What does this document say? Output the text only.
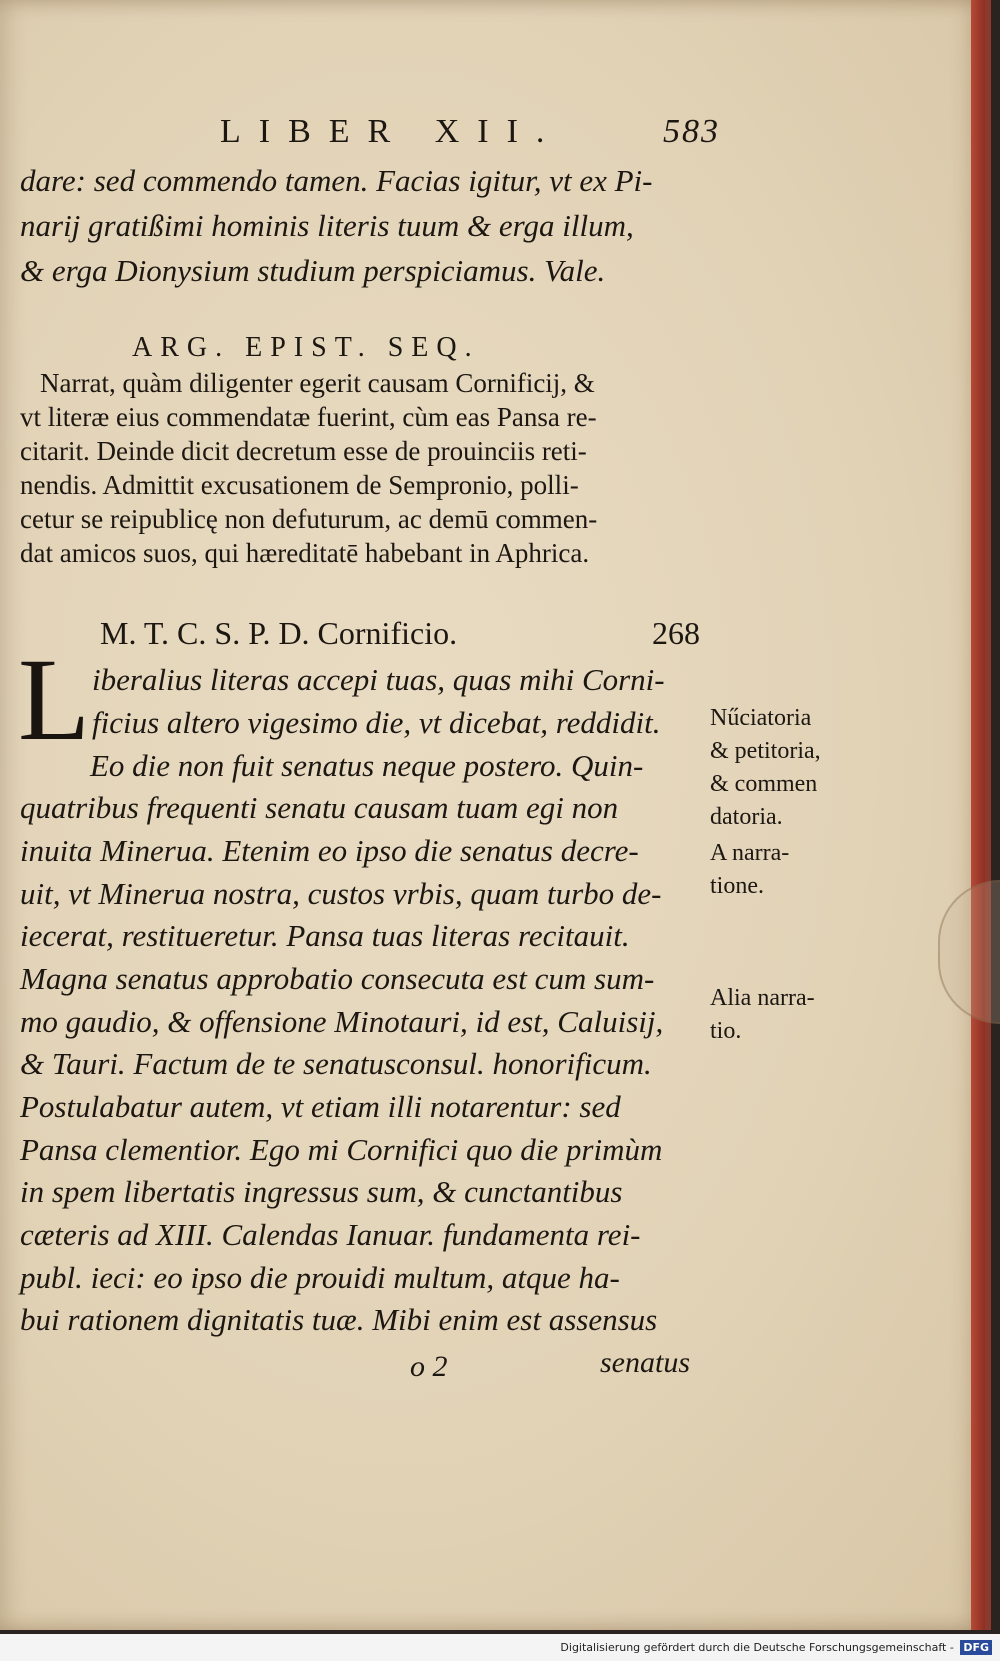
LIBER XII.	583
dare: sed commendo tamen. Facias igitur, vt ex Pi-
narij gratißimi hominis literis tuum & erga illum,
& erga Dionysium studium perspiciamus. Vale.
ARG. EPIST. SEQ.
Narrat, quàm diligenter egerit causam Cornificij, &
vt literæ eius commendatæ fuerint, cùm eas Pansa re-
citarit. Deinde dicit decretum esse de prouinciis reti-
nendis. Admittit excusationem de Sempronio, polli-
cetur se reipublicę non defuturum, ac demū commen-
dat amicos suos, qui hæreditatē habebant in Aphrica.
M. T. C. S. P. D. Cornificio.	268
L iberalius literas accepi tuas, quas mihi Corni-
ficius altero vigesimo die, vt dicebat, reddidit.
Eo die non fuit senatus neque postero. Quin-
quatribus frequenti senatu causam tuam egi non
inuita Minerua. Etenim eo ipso die senatus decre-
uit, vt Minerua nostra, custos vrbis, quam turbo de-
iecerat, restitueretur. Pansa tuas literas recitauit.
Magna senatus approbatio consecuta est cum sum-
mo gaudio, & offensione Minotauri, id est, Caluisij,
& Tauri. Factum de te senatusconsul. honorificum.
Postulabatur autem, vt etiam illi notarentur: sed
Pansa clementior. Ego mi Cornifici quo die primùm
in spem libertatis ingressus sum, & cunctantibus
cæteris ad XIII. Calendas Ianuar. fundamenta rei-
publ. ieci: eo ipso die prouidi multum, atque ha-
bui rationem dignitatis tuæ. Mibi enim est assensus
Nűciatoria
& petitoria,
& commen
datoria.
A narra-
tione.
Alia narra-
tio.
o 2	senatus
Digitalisierung gefördert durch die Deutsche Forschungsgemeinschaft - DFG
